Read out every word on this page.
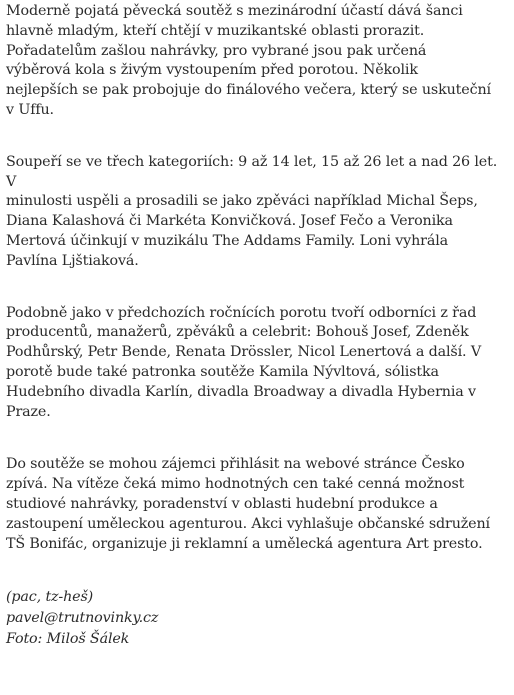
Moderně pojatá pěvecká soutěž s mezinárodní účastí dává šanci
hlavně mladým, kteří chtějí v muzikantské oblasti prorazit.
Pořadatelům zašlou nahrávky, pro vybrané jsou pak určená
výběrová kola s živým vystoupením před porotou. Několik
nejlepších se pak probojuje do finálového večera, který se uskuteční
v Uffu.

Soupeří se ve třech kategoriích: 9 až 14 let, 15 až 26 let a nad 26 let. V
minulosti uspěli a prosadili se jako zpěváci například Michal Šeps,
Diana Kalashová či Markéta Konvičková. Josef Fečo a Veronika
Mertová účinkují v muzikálu The Addams Family. Loni vyhrála
Pavlína Ljštiaková.

Podobně jako v předchozích ročnících porotu tvoří odborníci z řad
producentů, manažerů, zpěváků a celebrit: Bohouš Josef, Zdeněk
Podhůrský, Petr Bende, Renata Drössler, Nicol Lenertová a další. V
porotě bude také patronka soutěže Kamila Nývltová, sólistka
Hudebního divadla Karlín, divadla Broadway a divadla Hybernia v
Praze.

Do soutěže se mohou zájemci přihlásit na webové stránce Česko
zpívá. Na vítěze čeká mimo hodnotných cen také cenná možnost
studiové nahrávky, poradenství v oblasti hudební produkce a
zastoupení uměleckou agenturou. Akci vyhlašuje občanské sdružení
TŠ Bonifác, organizuje ji reklamní a umělecká agentura Art presto.

(pac, tz-heš)
pavel@trutnovinky.cz
Foto: Miloš Šálek
